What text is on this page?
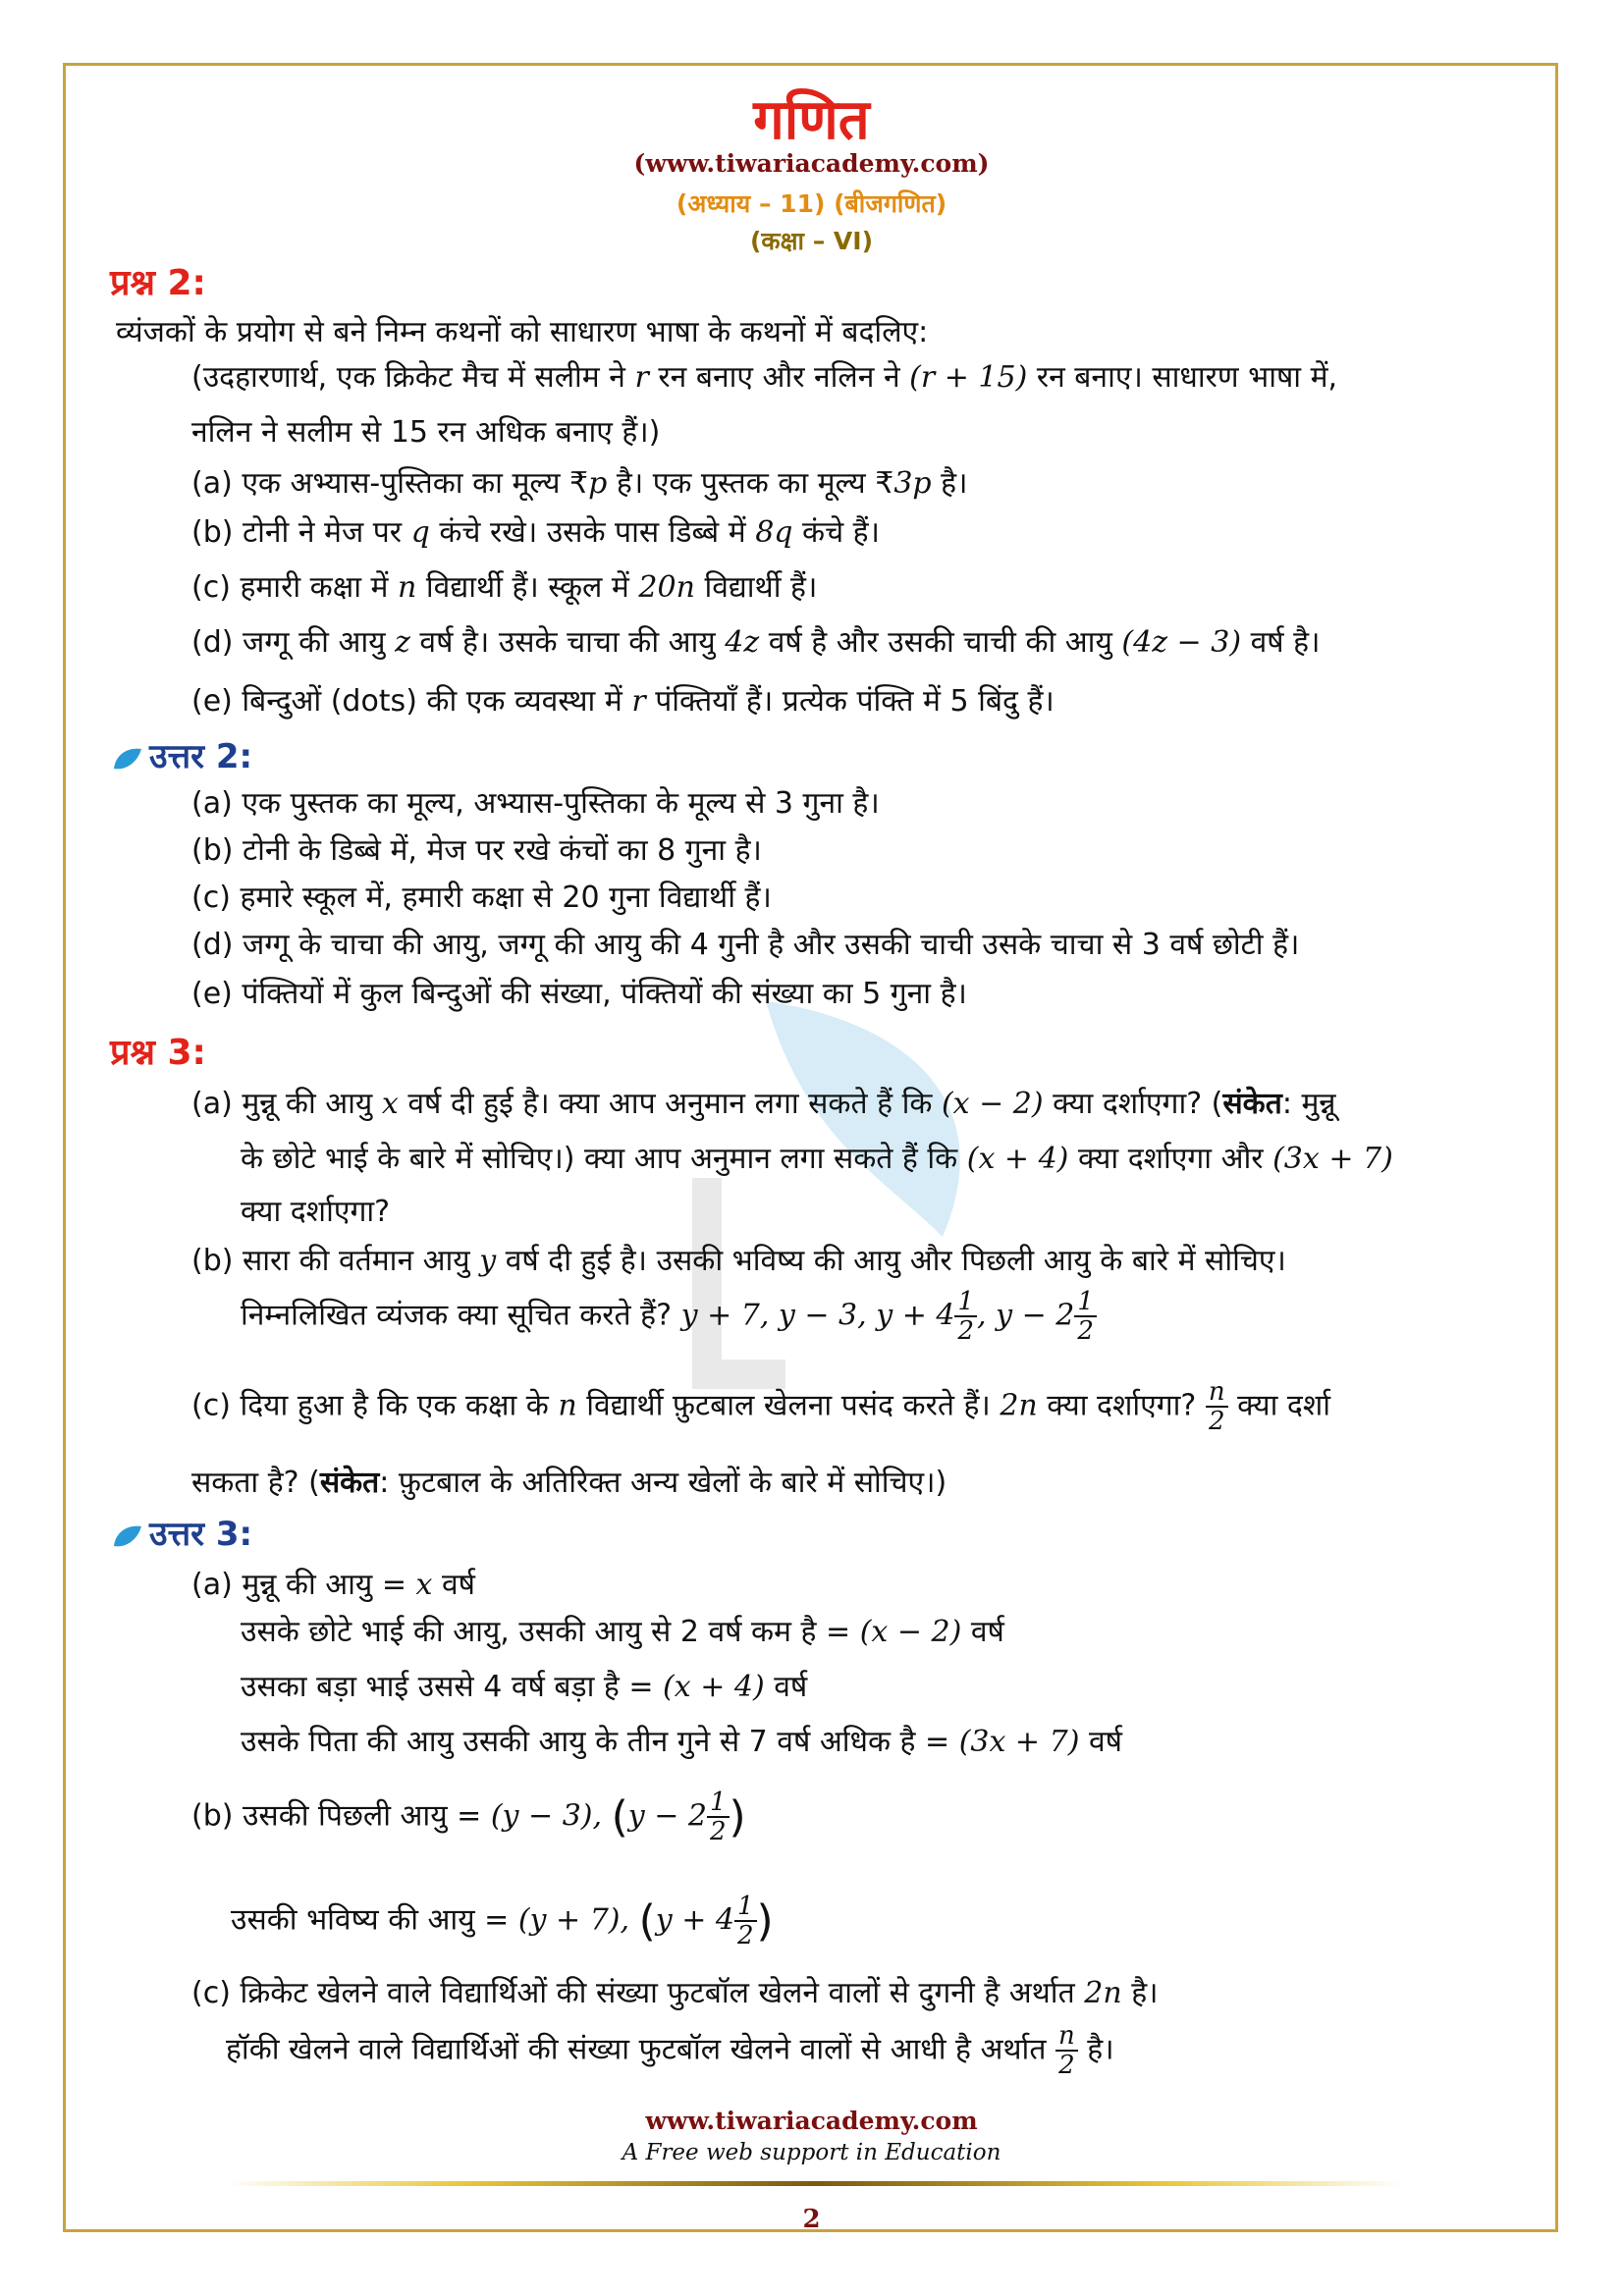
गणित
(www.tiwariacademy.com)
(अध्याय – 11) (बीजगणित)
(कक्षा – VI)
प्रश्न 2:
व्यंजकों के प्रयोग से बने निम्न कथनों को साधारण भाषा के कथनों में बदलिए:
(उदहारणार्थ, एक क्रिकेट मैच में सलीम ने r रन बनाए और नलिन ने (r + 15) रन बनाए। साधारण भाषा में,
नलिन ने सलीम से 15 रन अधिक बनाए हैं।)
(a) एक अभ्यास-पुस्तिका का मूल्य ₹p है। एक पुस्तक का मूल्य ₹3p है।
(b) टोनी ने मेज पर q कंचे रखे। उसके पास डिब्बे में 8q कंचे हैं।
(c) हमारी कक्षा में n विद्यार्थी हैं। स्कूल में 20n विद्यार्थी हैं।
(d) जग्गू की आयु z वर्ष है। उसके चाचा की आयु 4z वर्ष है और उसकी चाची की आयु (4z − 3) वर्ष है।
(e) बिन्दुओं (dots) की एक व्यवस्था में r पंक्तियाँ हैं। प्रत्येक पंक्ति में 5 बिंदु हैं।
उत्तर 2:
(a) एक पुस्तक का मूल्य, अभ्यास-पुस्तिका के मूल्य से 3 गुना है।
(b) टोनी के डिब्बे में, मेज पर रखे कंचों का 8 गुना है।
(c) हमारे स्कूल में, हमारी कक्षा से 20 गुना विद्यार्थी हैं।
(d) जग्गू के चाचा की आयु, जग्गू की आयु की 4 गुनी है और उसकी चाची उसके चाचा से 3 वर्ष छोटी हैं।
(e) पंक्तियों में कुल बिन्दुओं की संख्या, पंक्तियों की संख्या का 5 गुना है।
प्रश्न 3:
(a) मुन्नू की आयु x वर्ष दी हुई है। क्या आप अनुमान लगा सकते हैं कि (x − 2) क्या दर्शाएगा? (संकेत: मुन्नू
के छोटे भाई के बारे में सोचिए।) क्या आप अनुमान लगा सकते हैं कि (x + 4) क्या दर्शाएगा और (3x + 7)
क्या दर्शाएगा?
(b) सारा की वर्तमान आयु y वर्ष दी हुई है। उसकी भविष्य की आयु और पिछली आयु के बारे में सोचिए।
निम्नलिखित व्यंजक क्या सूचित करते हैं? y + 7, y − 3, $y + 4 \frac{1}{2}$ , $y - 2 \frac{1}{2}$
(c) दिया हुआ है कि एक कक्षा के n विद्यार्थी फ़ुटबाल खेलना पसंद करते हैं। 2n क्या दर्शाएगा? $\frac{n}{2}$ क्या दर्शा
सकता है? (संकेत: फ़ुटबाल के अतिरिक्त अन्य खेलों के बारे में सोचिए।)
उत्तर 3:
(a) मुन्नू की आयु = x वर्ष
उसके छोटे भाई की आयु, उसकी आयु से 2 वर्ष कम है = (x − 2) वर्ष
उसका बड़ा भाई उससे 4 वर्ष बड़ा है = (x + 4) वर्ष
उसके पिता की आयु उसकी आयु के तीन गुने से 7 वर्ष अधिक है = (3x + 7) वर्ष
(b) उसकी पिछली आयु = (y − 3), ($y - 2 \frac{1}{2}$ )
उसकी भविष्य की आयु = (y + 7), ($y + 4 \frac{1}{2}$ )
(c) क्रिकेट खेलने वाले विद्यार्थिओं की संख्या फुटबॉल खेलने वालों से दुगनी है अर्थात 2n है।
हॉकी खेलने वाले विद्यार्थिओं की संख्या फुटबॉल खेलने वालों से आधी है अर्थात $\frac{n}{2}$ है।
www.tiwariacademy.com
A Free web support in Education
2
